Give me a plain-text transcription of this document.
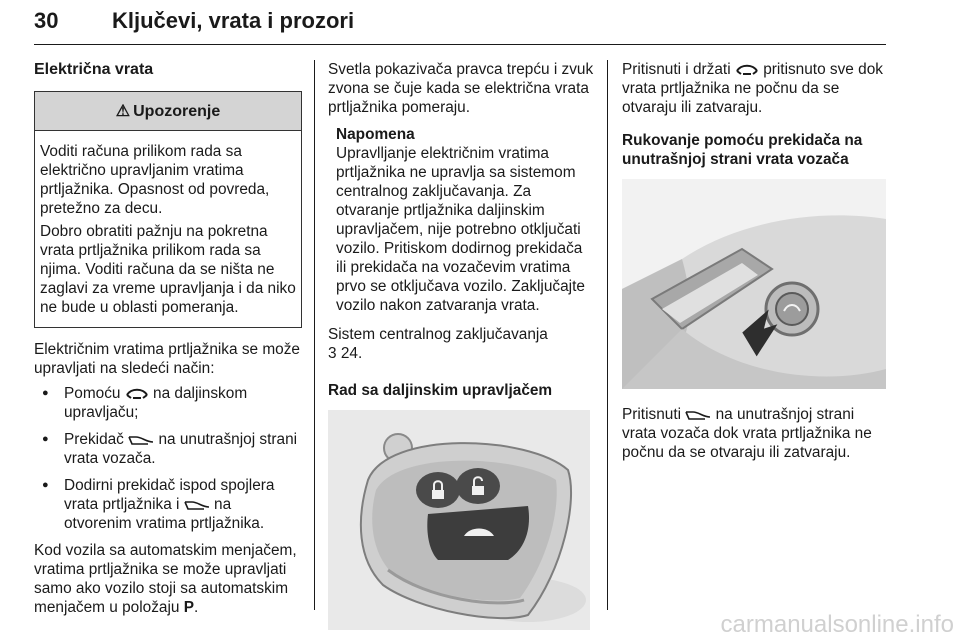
30 Ključevi, vrata i prozori
Električna vrata
⚠ Upozorenje

Voditi računa prilikom rada sa električno upravljanim vratima prtljažnika. Opasnost od povreda, pretežno za decu.

Dobro obratiti pažnju na pokretna vrata prtljažnika prilikom rada sa njima. Voditi računa da se ništa ne zaglavi za vreme upravljanja i da niko ne bude u oblasti pomeranja.

Električnim vratima prtljažnika se može upravljati na sledeći način:

● Pomoću na daljinskom upravljaču;
● Prekidač na unutrašnjoj strani vrata vozača.
● Dodirni prekidač ispod spojlera vrata prtljažnika i na otvorenim vratima prtljažnika.

Kod vozila sa automatskim menjačem, vratima prtljažnika se može upravljati samo ako vozilo stoji sa automatskim menjačem u položaju P.

Svetla pokazivača pravca trepću i zvuk zvona se čuje kada se električna vrata prtljažnika pomeraju.

Napomena

Upravlljanje električnim vratima prtljažnika ne upravlja sa sistemom centralnog zaključavanja. Za otvaranje prtljažnika daljinskim upravljačem, nije potrebno otključati vozilo. Pritiskom dodirnog prekidača ili prekidača na vozačevim vratima prvo se otključava vozilo. Zaključajte vozilo nakon zatvaranja vrata.

Sistem centralnog zaključavanja
3 24.

Rad sa daljinskim upravljačem

Pritisnuti i držati pritisnuto sve dok vrata prtljažnika ne počnu da se otvaraju ili zatvaraju.

Rukovanje pomoću prekidača na unutrašnjoj strani vrata vozača

Pritisnuti na unutrašnjoj strani vrata vozača dok vrata prtljažnika ne počnu da se otvaraju ili zatvaraju.

carmanualsonline.info
